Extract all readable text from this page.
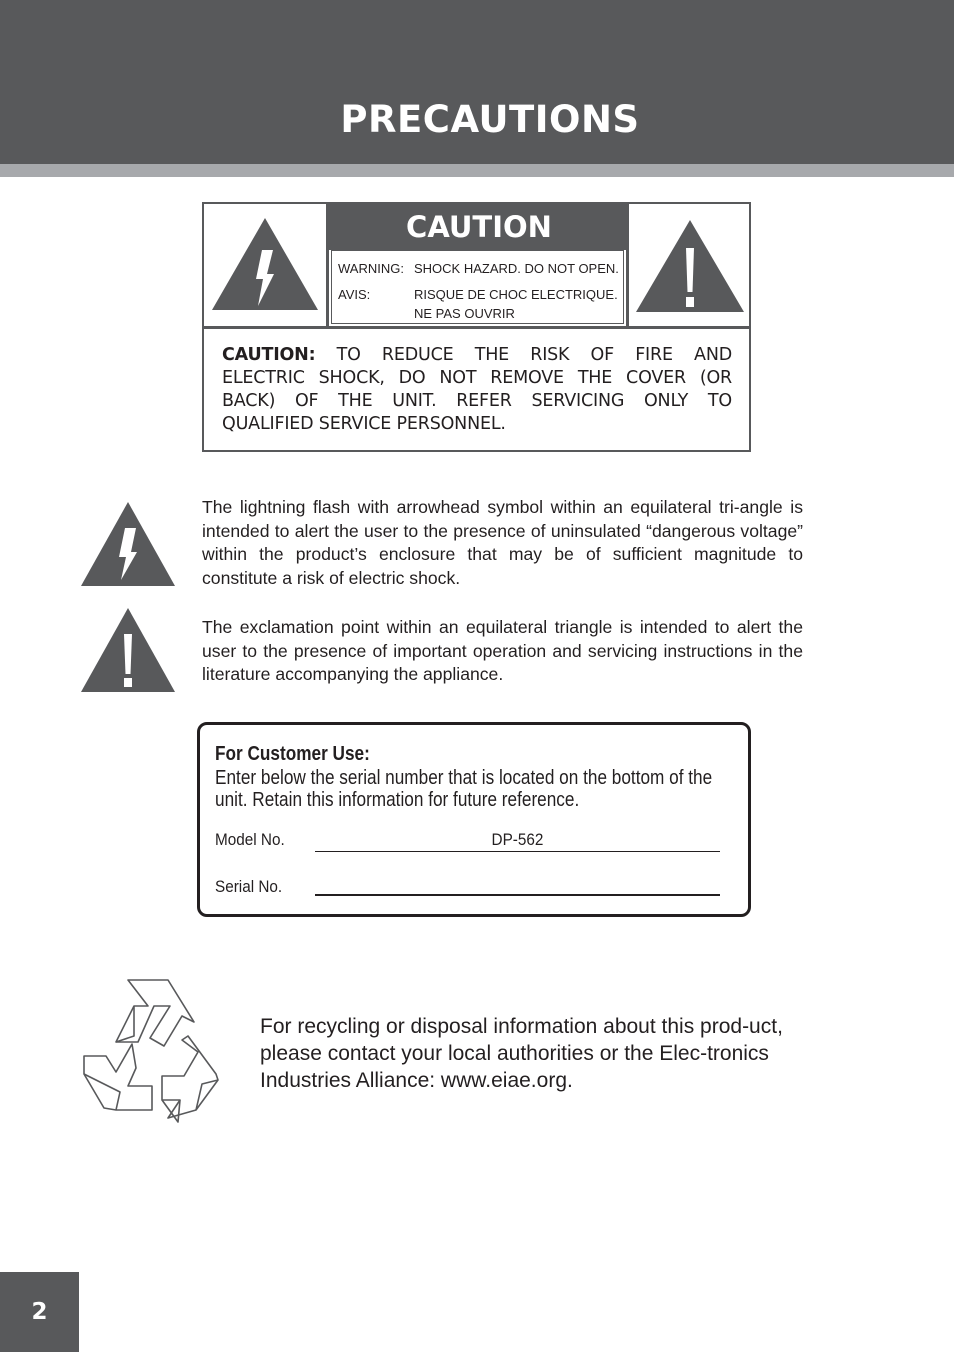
PRECAUTIONS
CAUTION
WARNING: SHOCK HAZARD. DO NOT OPEN.
AVIS:	RISQUE DE CHOC ELECTRIQUE.
NE PAS OUVRIR
CAUTION: TO REDUCE THE RISK OF FIRE AND
ELECTRIC SHOCK, DO NOT REMOVE THE COVER (OR
BACK) OF THE UNIT. REFER SERVICING ONLY TO
QUALIFIED SERVICE PERSONNEL.

The lightning flash with arrowhead symbol within an equilateral tri-angle is intended to alert the user to the presence of uninsulated “dangerous voltage” within the product’s enclosure that may be of sufficient magnitude to constitute a risk of electric shock.

The exclamation point within an equilateral triangle is intended to alert the user to the presence of important operation and servicing instructions in the literature accompanying the appliance.

For Customer Use:
Enter below the serial number that is located on the bottom of the unit. Retain this information for future reference.
Model No.	DP-562
Serial No.

For recycling or disposal information about this prod-uct, please contact your local authorities or the Elec-tronics Industries Alliance: www.eiae.org.

2
